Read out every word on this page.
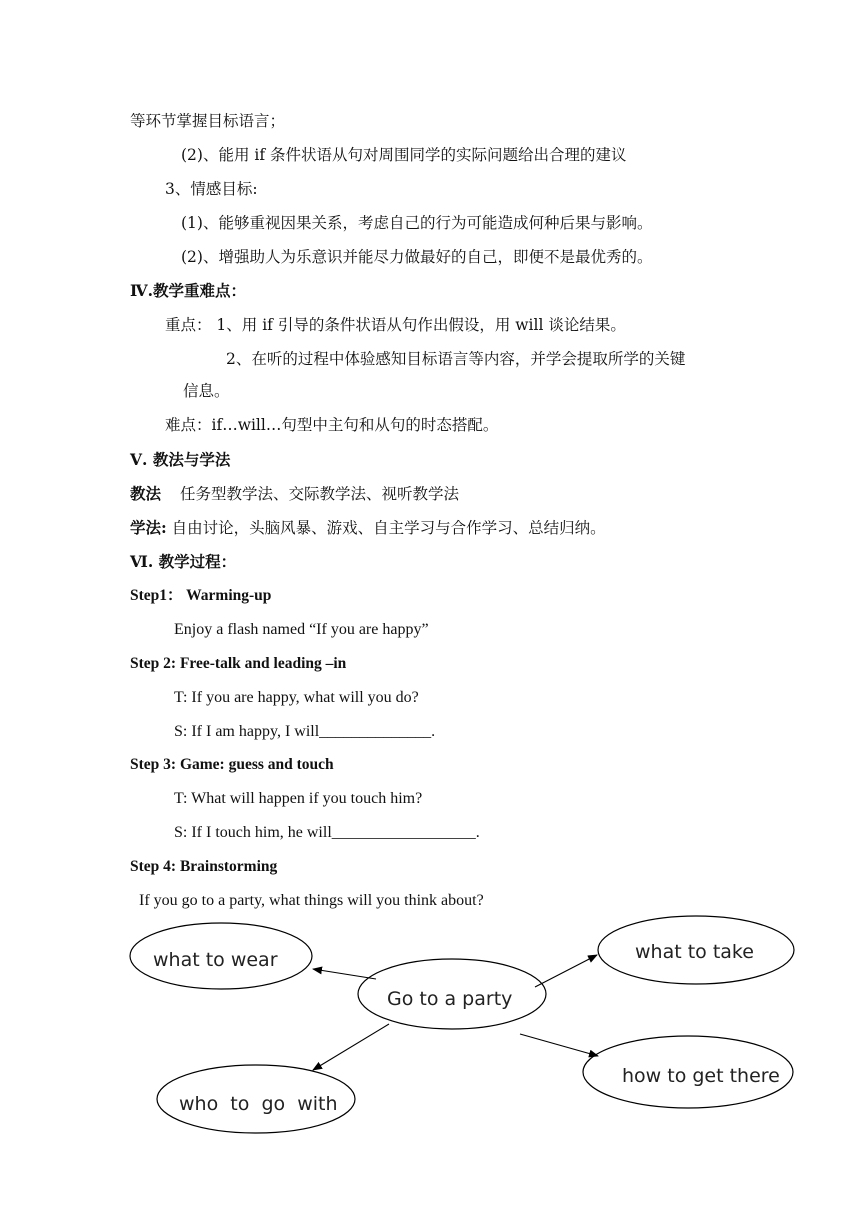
等环节掌握目标语言；
(2)、能用 if 条件状语从句对周围同学的实际问题给出合理的建议
3、情感目标:
(1)、能够重视因果关系，考虑自己的行为可能造成何种后果与影响。
(2)、增强助人为乐意识并能尽力做最好的自己，即便不是最优秀的。
Ⅳ.教学重难点：
重点： 1、用 if 引导的条件状语从句作出假设，用 will 谈论结果。
2、在听的过程中体验感知目标语言等内容，并学会提取所学的关键
信息。
难点：if…will…句型中主句和从句的时态搭配。
Ⅴ. 教法与学法
教法 任务型教学法、交际教学法、视听教学法
学法: 自由讨论，头脑风暴、游戏、自主学习与合作学习、总结归纳。
Ⅵ. 教学过程：
Step1： Warming-up
Enjoy a flash named “If you are happy”
Step 2: Free-talk and leading –in
T: If you are happy, what will you do?
S: If I am happy, I will______________.
Step 3: Game: guess and touch
T: What will happen if you touch him?
S: If I touch him, he will__________________.
Step 4: Brainstorming
If you go to a party, what things will you think about?
what to wear	what to take
Go to a party
how to get there
who  to  go  with
